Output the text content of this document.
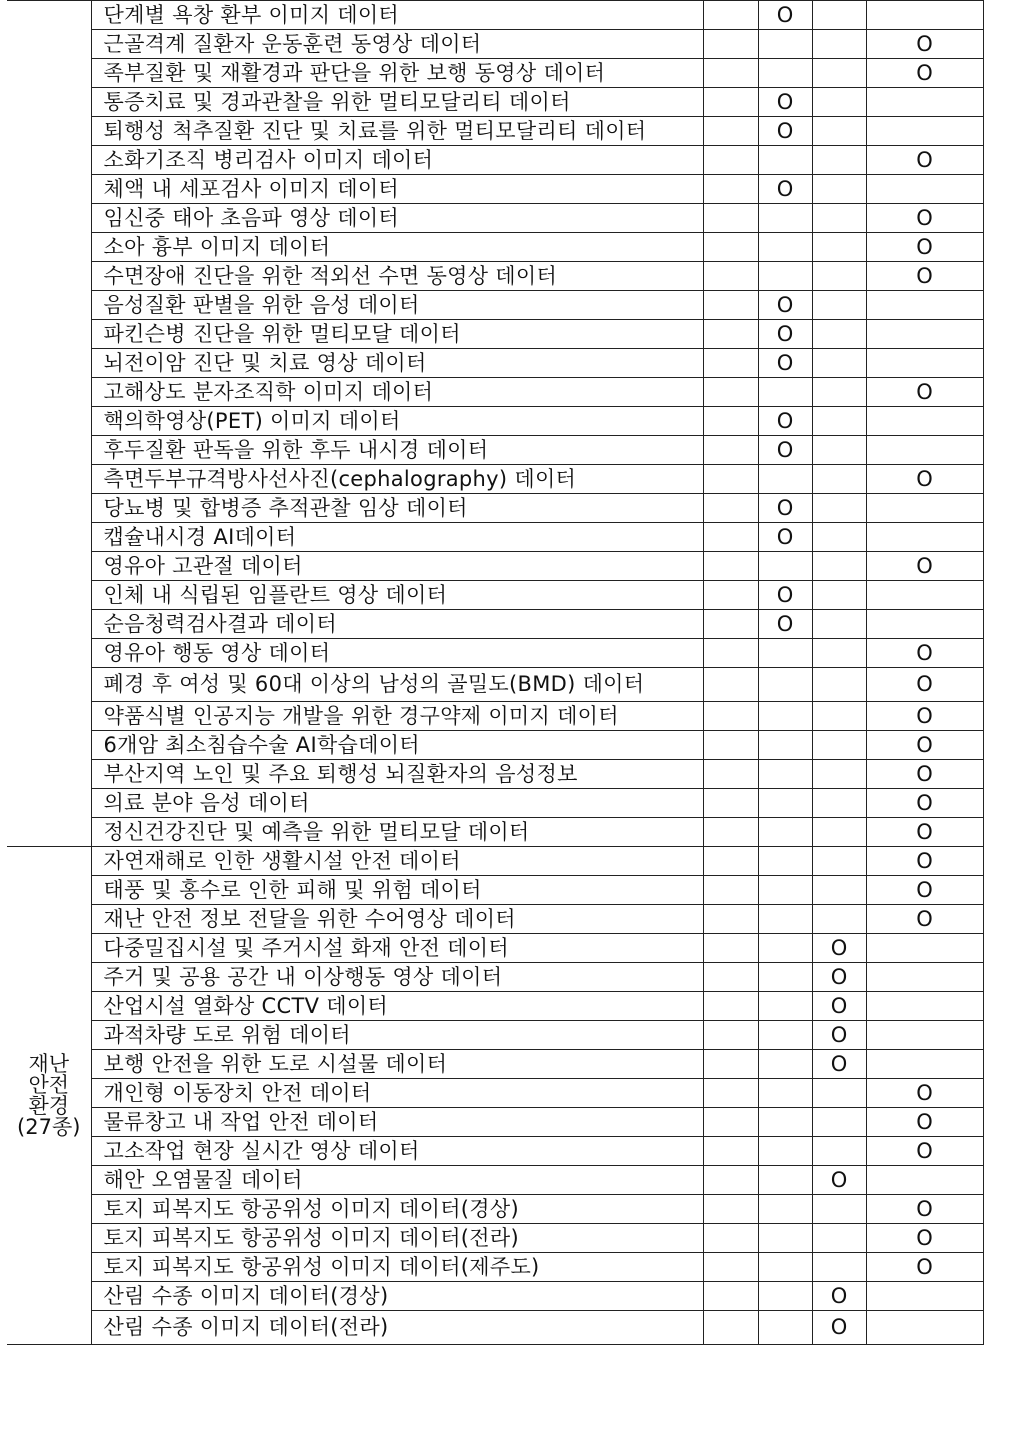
	단계별 욕창 환부 이미지 데이터		O		
	근골격계 질환자 운동훈련 동영상 데이터				O
	족부질환 및 재활경과 판단을 위한 보행 동영상 데이터				O
	통증치료 및 경과관찰을 위한 멀티모달리티 데이터		O		
	퇴행성 척추질환 진단 및 치료를 위한 멀티모달리티 데이터		O		
	소화기조직 병리검사 이미지 데이터				O
	체액 내 세포검사 이미지 데이터		O		
	임신중 태아 초음파 영상 데이터				O
	소아 흉부 이미지 데이터				O
	수면장애 진단을 위한 적외선 수면 동영상 데이터				O
	음성질환 판별을 위한 음성 데이터		O		
	파킨슨병 진단을 위한 멀티모달 데이터		O		
	뇌전이암 진단 및 치료 영상 데이터		O		
	고해상도 분자조직학 이미지 데이터				O
	핵의학영상(PET) 이미지 데이터		O		
	후두질환 판독을 위한 후두 내시경 데이터		O		
	측면두부규격방사선사진(cephalography) 데이터				O
	당뇨병 및 합병증 추적관찰 임상 데이터		O		
	캡슐내시경 AI데이터		O		
	영유아 고관절 데이터				O
	인체 내 식립된 임플란트 영상 데이터		O		
	순음청력검사결과 데이터		O		
	영유아 행동 영상 데이터				O
	폐경 후 여성 및 60대 이상의 남성의 골밀도(BMD) 데이터				O
	약품식별 인공지능 개발을 위한 경구약제 이미지 데이터				O
	6개암 최소침습수술 AI학습데이터				O
	부산지역 노인 및 주요 퇴행성 뇌질환자의 음성정보				O
	의료 분야 음성 데이터				O
	정신건강진단 및 예측을 위한 멀티모달 데이터				O

재난
안전
환경
(27종)	자연재해로 인한 생활시설 안전 데이터				O
	태풍 및 홍수로 인한 피해 및 위험 데이터				O
	재난 안전 정보 전달을 위한 수어영상 데이터				O
	다중밀집시설 및 주거시설 화재 안전 데이터			O	
	주거 및 공용 공간 내 이상행동 영상 데이터			O	
	산업시설 열화상 CCTV 데이터			O	
	과적차량 도로 위험 데이터			O	
	보행 안전을 위한 도로 시설물 데이터			O	
	개인형 이동장치 안전 데이터				O
	물류창고 내 작업 안전 데이터				O
	고소작업 현장 실시간 영상 데이터				O
	해안 오염물질 데이터			O	
	토지 피복지도 항공위성 이미지 데이터(경상)				O
	토지 피복지도 항공위성 이미지 데이터(전라)				O
	토지 피복지도 항공위성 이미지 데이터(제주도)				O
	산림 수종 이미지 데이터(경상)			O	
	산림 수종 이미지 데이터(전라)			O	
